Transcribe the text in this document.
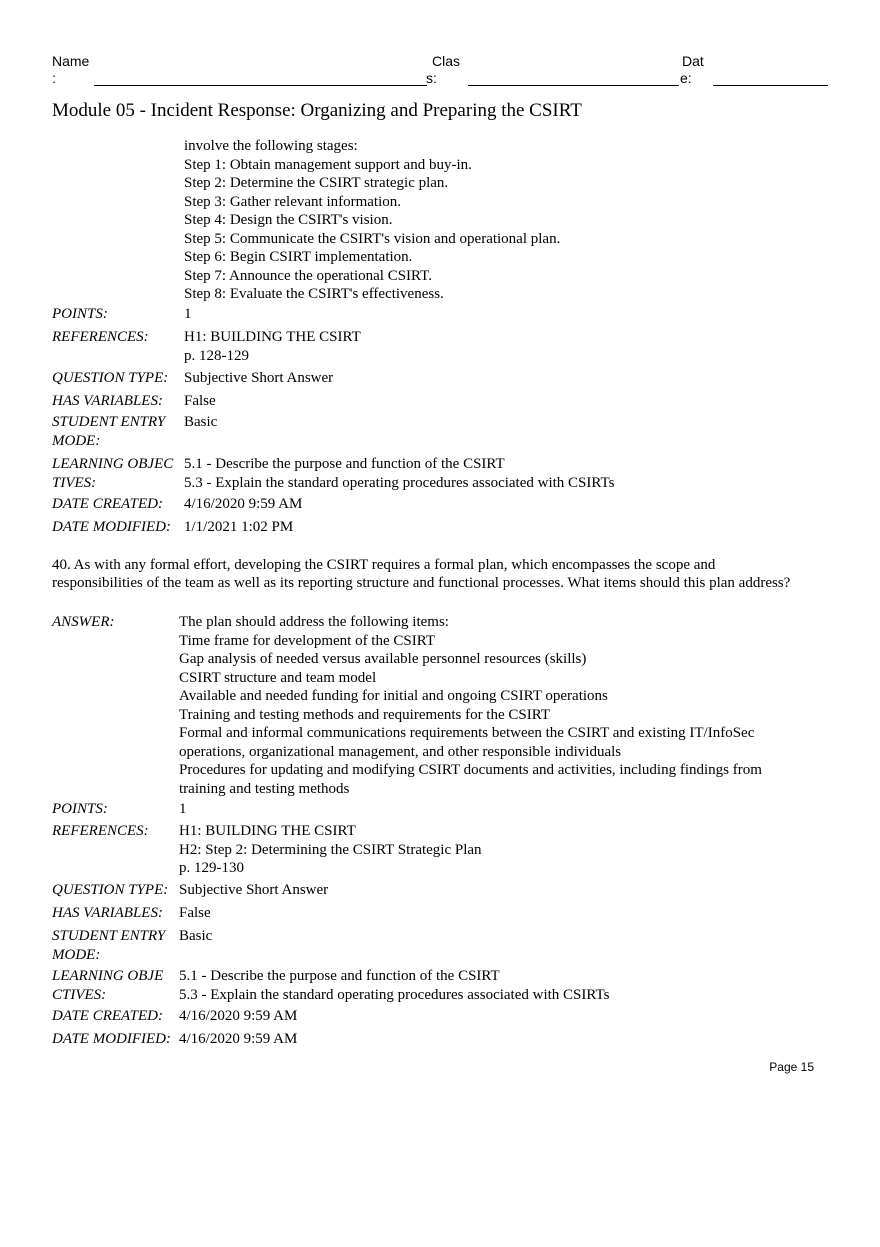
Name
:
Clas
s:
Dat
e:
Module 05 - Incident Response: Organizing and Preparing the CSIRT
involve the following stages:
Step 1: Obtain management support and buy-in.
Step 2: Determine the CSIRT strategic plan.
Step 3: Gather relevant information.
Step 4: Design the CSIRT's vision.
Step 5: Communicate the CSIRT's vision and operational plan.
Step 6: Begin CSIRT implementation.
Step 7: Announce the operational CSIRT.
Step 8: Evaluate the CSIRT's effectiveness.
POINTS:	1
REFERENCES:	H1: BUILDING THE CSIRT
p. 128-129
QUESTION TYPE: Subjective Short Answer
HAS VARIABLES: False
STUDENT ENTRY MODE:
Basic
LEARNING OBJEC TIVES:
5.1 - Describe the purpose and function of the CSIRT
5.3 - Explain the standard operating procedures associated with CSIRTs
DATE CREATED: 4/16/2020 9:59 AM
DATE MODIFIED: 1/1/2021 1:02 PM
40. As with any formal effort, developing the CSIRT requires a formal plan, which encompasses the scope and responsibilities of the team as well as its reporting structure and functional processes. What items should this plan address?
ANSWER:	The plan should address the following items:
Time frame for development of the CSIRT
Gap analysis of needed versus available personnel resources (skills)
CSIRT structure and team model
Available and needed funding for initial and ongoing CSIRT operations
Training and testing methods and requirements for the CSIRT
Formal and informal communications requirements between the CSIRT and existing IT/InfoSec operations, organizational management, and other responsible individuals
Procedures for updating and modifying CSIRT documents and activities, including findings from training and testing methods
POINTS:	1
REFERENCES:	H1: BUILDING THE CSIRT
H2: Step 2: Determining the CSIRT Strategic Plan
p. 129-130
QUESTION TYPE: Subjective Short Answer
HAS VARIABLES: False
STUDENT ENTRY MODE:
Basic
LEARNING OBJE CTIVES:
5.1 - Describe the purpose and function of the CSIRT
5.3 - Explain the standard operating procedures associated with CSIRTs
DATE CREATED: 4/16/2020 9:59 AM
DATE MODIFIED: 4/16/2020 9:59 AM
Page 15
